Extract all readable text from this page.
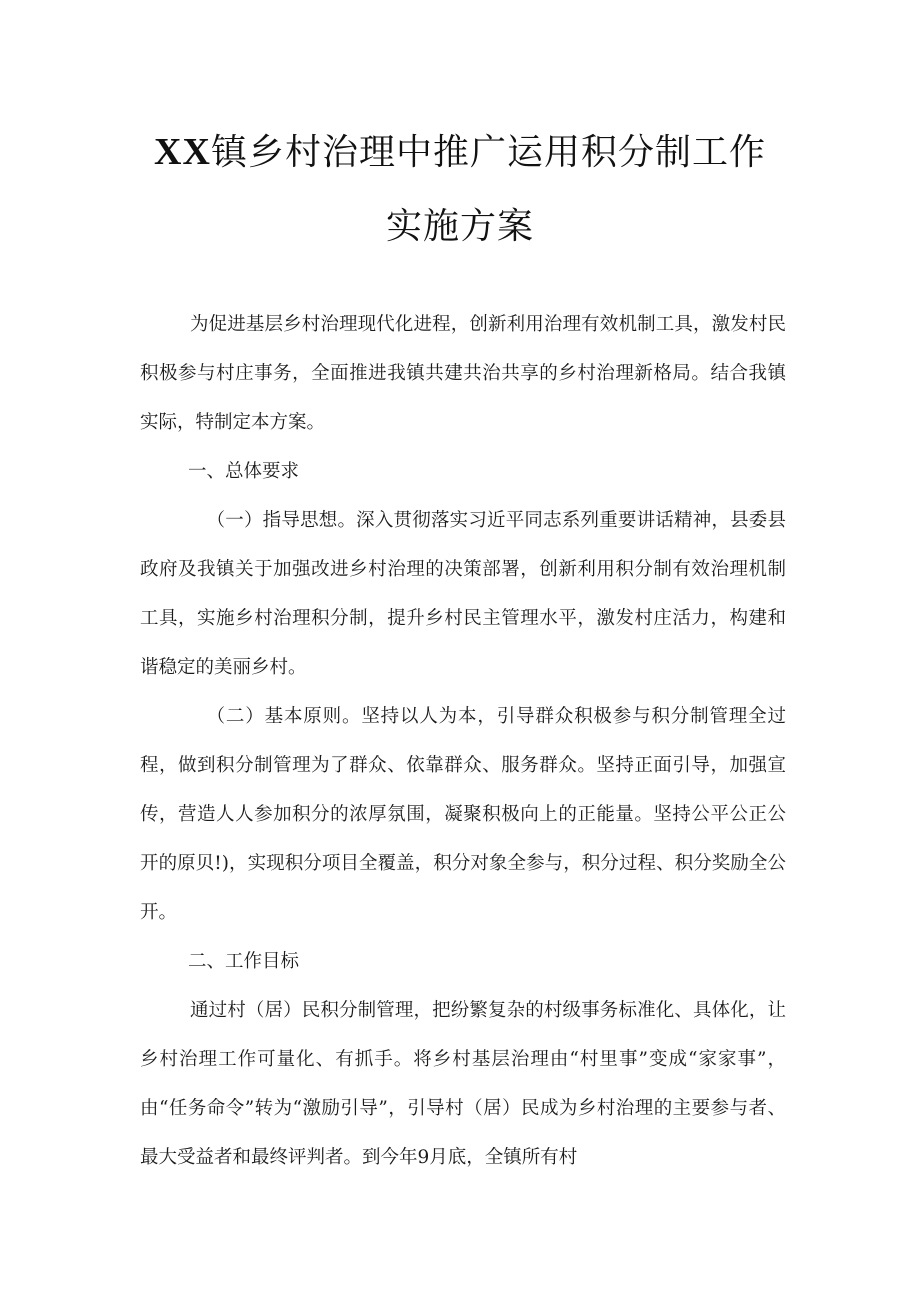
XX镇乡村治理中推广运用积分制工作
实施方案
为促进基层乡村治理现代化进程，创新利用治理有效机制工具，激发村民积极参与村庄事务，全面推进我镇共建共治共享的乡村治理新格局。结合我镇实际，特制定本方案。
一、总体要求
（一）指导思想。深入贯彻落实习近平同志系列重要讲话精神，县委县政府及我镇关于加强改进乡村治理的决策部署，创新利用积分制有效治理机制工具，实施乡村治理积分制，提升乡村民主管理水平，激发村庄活力，构建和谐稳定的美丽乡村。
（二）基本原则。坚持以人为本，引导群众积极参与积分制管理全过程，做到积分制管理为了群众、依靠群众、服务群众。坚持正面引导，加强宣传，营造人人参加积分的浓厚氛围，凝聚积极向上的正能量。坚持公平公正公开的原贝!)，实现积分项目全覆盖，积分对象全参与，积分过程、积分奖励全公开。
二、工作目标
通过村（居）民积分制管理，把纷繁复杂的村级事务标准化、具体化，让乡村治理工作可量化、有抓手。将乡村基层治理由“村里事”变成“家家事”，由“任务命令”转为“激励引导”，引导村（居）民成为乡村治理的主要参与者、最大受益者和最终评判者。到今年9月底，全镇所有村
